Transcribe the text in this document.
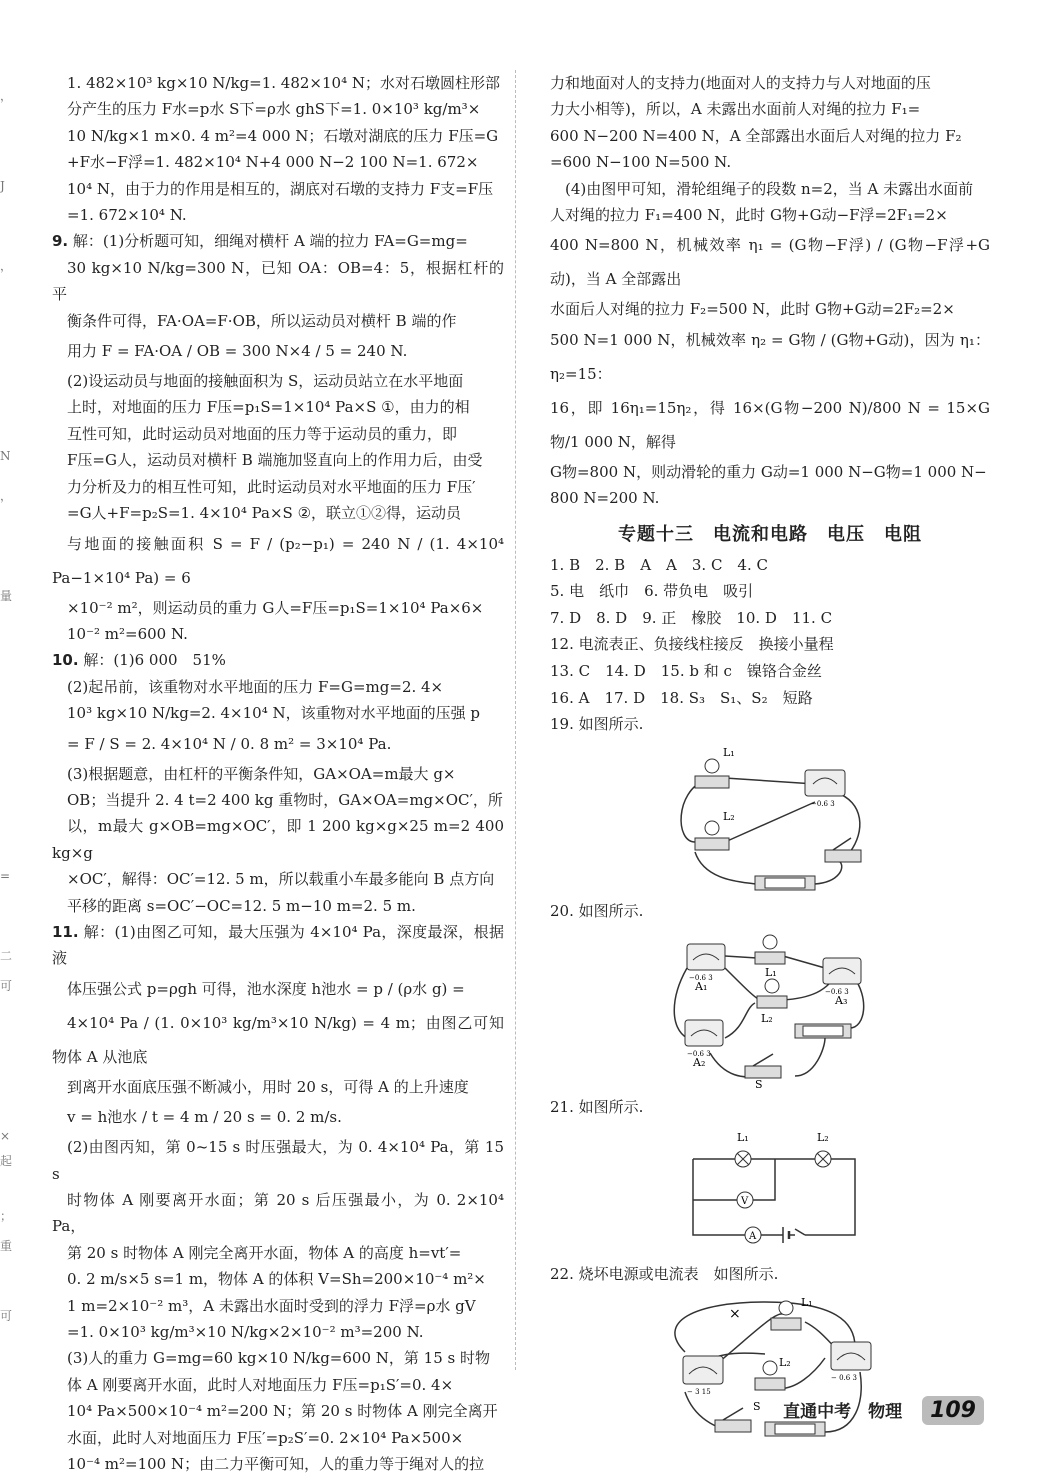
，
J
，
N
，
量
=
二
可
×
起
；
重
可

1. 482×10³ kg×10 N/kg=1. 482×10⁴ N；水对石墩圆柱形部

分产生的压力 F水=p水 S下=ρ水 ghS下=1. 0×10³ kg/m³×

10 N/kg×1 m×0. 4 m²=4 000 N；石墩对湖底的压力 F压=G

+F水−F浮=1. 482×10⁴ N+4 000 N−2 100 N=1. 672×

10⁴ N，由于力的作用是相互的，湖底对石墩的支持力 F支=F压

=1. 672×10⁴ N.

9. 解：(1)分析题可知，细绳对横杆 A 端的拉力 FA=G=mg=

30 kg×10 N/kg=300 N，已知 OA：OB=4：5，根据杠杆的平

衡条件可得，FA·OA=F·OB，所以运动员对横杆 B 端的作

用力 F = FA·OA / OB = 300 N×4 / 5 = 240 N.

(2)设运动员与地面的接触面积为 S，运动员站立在水平地面

上时，对地面的压力 F压=p₁S=1×10⁴ Pa×S ①，由力的相

互性可知，此时运动员对地面的压力等于运动员的重力，即

F压=G人，运动员对横杆 B 端施加竖直向上的作用力后，由受

力分析及力的相互性可知，此时运动员对水平地面的压力 F压′

=G人+F=p₂S=1. 4×10⁴ Pa×S ②，联立①②得，运动员

与地面的接触面积 S = F / (p₂−p₁) = 240 N / (1. 4×10⁴ Pa−1×10⁴ Pa) = 6

×10⁻² m²，则运动员的重力 G人=F压=p₁S=1×10⁴ Pa×6×

10⁻² m²=600 N.

10. 解：(1)6 000　51%

(2)起吊前，该重物对水平地面的压力 F=G=mg=2. 4×

10³ kg×10 N/kg=2. 4×10⁴ N，该重物对水平地面的压强 p

= F / S = 2. 4×10⁴ N / 0. 8 m² = 3×10⁴ Pa.

(3)根据题意，由杠杆的平衡条件知，GA×OA=m最大 g×

OB；当提升 2. 4 t=2 400 kg 重物时，GA×OA=mg×OC′，所

以，m最大 g×OB=mg×OC′，即 1 200 kg×g×25 m=2 400 kg×g

×OC′，解得：OC′=12. 5 m，所以载重小车最多能向 B 点方向

平移的距离 s=OC′−OC=12. 5 m−10 m=2. 5 m.

11. 解：(1)由图乙可知，最大压强为 4×10⁴ Pa，深度最深，根据液

体压强公式 p=ρgh 可得，池水深度 h池水 = p / (ρ水 g) =

4×10⁴ Pa / (1. 0×10³ kg/m³×10 N/kg) = 4 m；由图乙可知物体 A 从池底

到离开水面底压强不断减小，用时 20 s，可得 A 的上升速度

v = h池水 / t = 4 m / 20 s = 0. 2 m/s.

(2)由图丙知，第 0~15 s 时压强最大，为 0. 4×10⁴ Pa，第 15 s

时物体 A 刚要离开水面；第 20 s 后压强最小，为 0. 2×10⁴ Pa，

第 20 s 时物体 A 刚完全离开水面，物体 A 的高度 h=vt′=

0. 2 m/s×5 s=1 m，物体 A 的体积 V=Sh=200×10⁻⁴ m²×

1 m=2×10⁻² m³，A 未露出水面时受到的浮力 F浮=ρ水 gV

=1. 0×10³ kg/m³×10 N/kg×2×10⁻² m³=200 N.

(3)人的重力 G=mg=60 kg×10 N/kg=600 N，第 15 s 时物

体 A 刚要离开水面，此时人对地面压力 F压=p₁S′=0. 4×

10⁴ Pa×500×10⁻⁴ m²=200 N；第 20 s 时物体 A 刚完全离开

水面，此时人对地面压力 F压′=p₂S′=0. 2×10⁴ Pa×500×

10⁻⁴ m²=100 N；由二力平衡可知，人的重力等于绳对人的拉

力和地面对人的支持力(地面对人的支持力与人对地面的压

力大小相等)，所以，A 未露出水面前人对绳的拉力 F₁=

600 N−200 N=400 N，A 全部露出水面后人对绳的拉力 F₂

=600 N−100 N=500 N.

(4)由图甲可知，滑轮组绳子的段数 n=2，当 A 未露出水面前

人对绳的拉力 F₁=400 N，此时 G物+G动−F浮=2F₁=2×

400 N=800 N，机械效率 η₁ = (G物−F浮) / (G物−F浮+G动)，当 A 全部露出

水面后人对绳的拉力 F₂=500 N，此时 G物+G动=2F₂=2×

500 N=1 000 N，机械效率 η₂ = G物 / (G物+G动)，因为 η₁：η₂=15：

16，即 16η₁=15η₂，得 16×(G物−200 N)/800 N = 15×G物/1 000 N，解得

G物=800 N，则动滑轮的重力 G动=1 000 N−G物=1 000 N−

800 N=200 N.

专题十三　电流和电路　电压　电阻

1. B　2. B　A　A　3. C　4. C

5. 电　纸巾　6. 带负电　吸引

7. D　8. D　9. 正　橡胶　10. D　11. C

12. 电流表正、负接线柱接反　换接小量程

13. C　14. D　15. b 和 c　镍铬合金丝

16. A　17. D　18. S₃　S₁、S₂　短路

19. 如图所示.

L₁
L₂
−0.6 3

20. 如图所示.

−0.6 3
A₁
L₁
−0.6 3
A₃
L₂
−0.6 3
A₂
S

21. 如图所示.

L₁	L₂
V
A

22. 烧坏电源或电流表　如图所示.

×
− 3 15
L₁
L₂
− 0.6 3
S 直通中考　物理 109
